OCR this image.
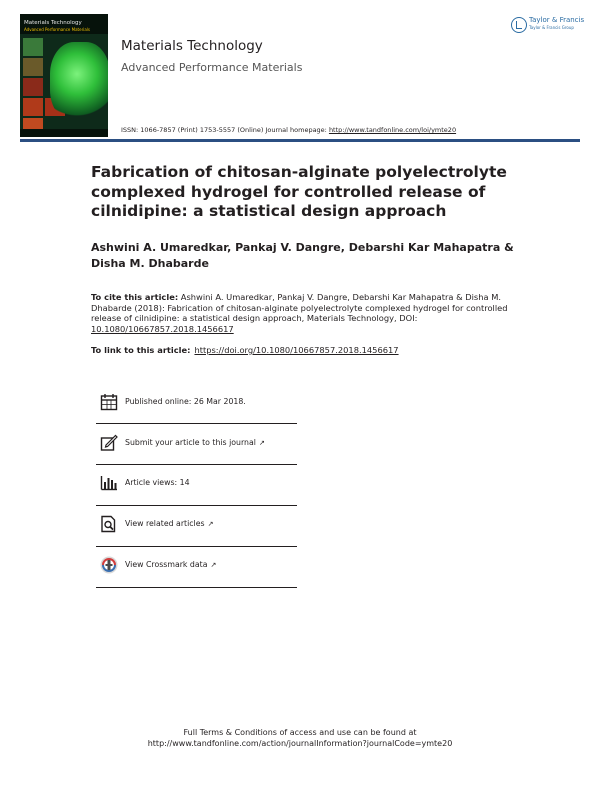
Materials Technology
Advanced Performance Materials
Materials Technology
Advanced Performance Materials
ISSN: 1066-7857 (Print) 1753-5557 (Online) Journal homepage: http://www.tandfonline.com/loi/ymte20
Taylor & Francis
Taylor & Francis Group
Fabrication of chitosan-alginate polyelectrolyte complexed hydrogel for controlled release of cilnidipine: a statistical design approach
Ashwini A. Umaredkar, Pankaj V. Dangre, Debarshi Kar Mahapatra & Disha M. Dhabarde
To cite this article: Ashwini A. Umaredkar, Pankaj V. Dangre, Debarshi Kar Mahapatra & Disha M. Dhabarde (2018): Fabrication of chitosan-alginate polyelectrolyte complexed hydrogel for controlled release of cilnidipine: a statistical design approach, Materials Technology, DOI: 10.1080/10667857.2018.1456617
To link to this article: https://doi.org/10.1080/10667857.2018.1456617
Published online: 26 Mar 2018.
Submit your article to this journal ↗
Article views: 14
View related articles ↗
View Crossmark data ↗
Full Terms & Conditions of access and use can be found at
http://www.tandfonline.com/action/journalInformation?journalCode=ymte20
